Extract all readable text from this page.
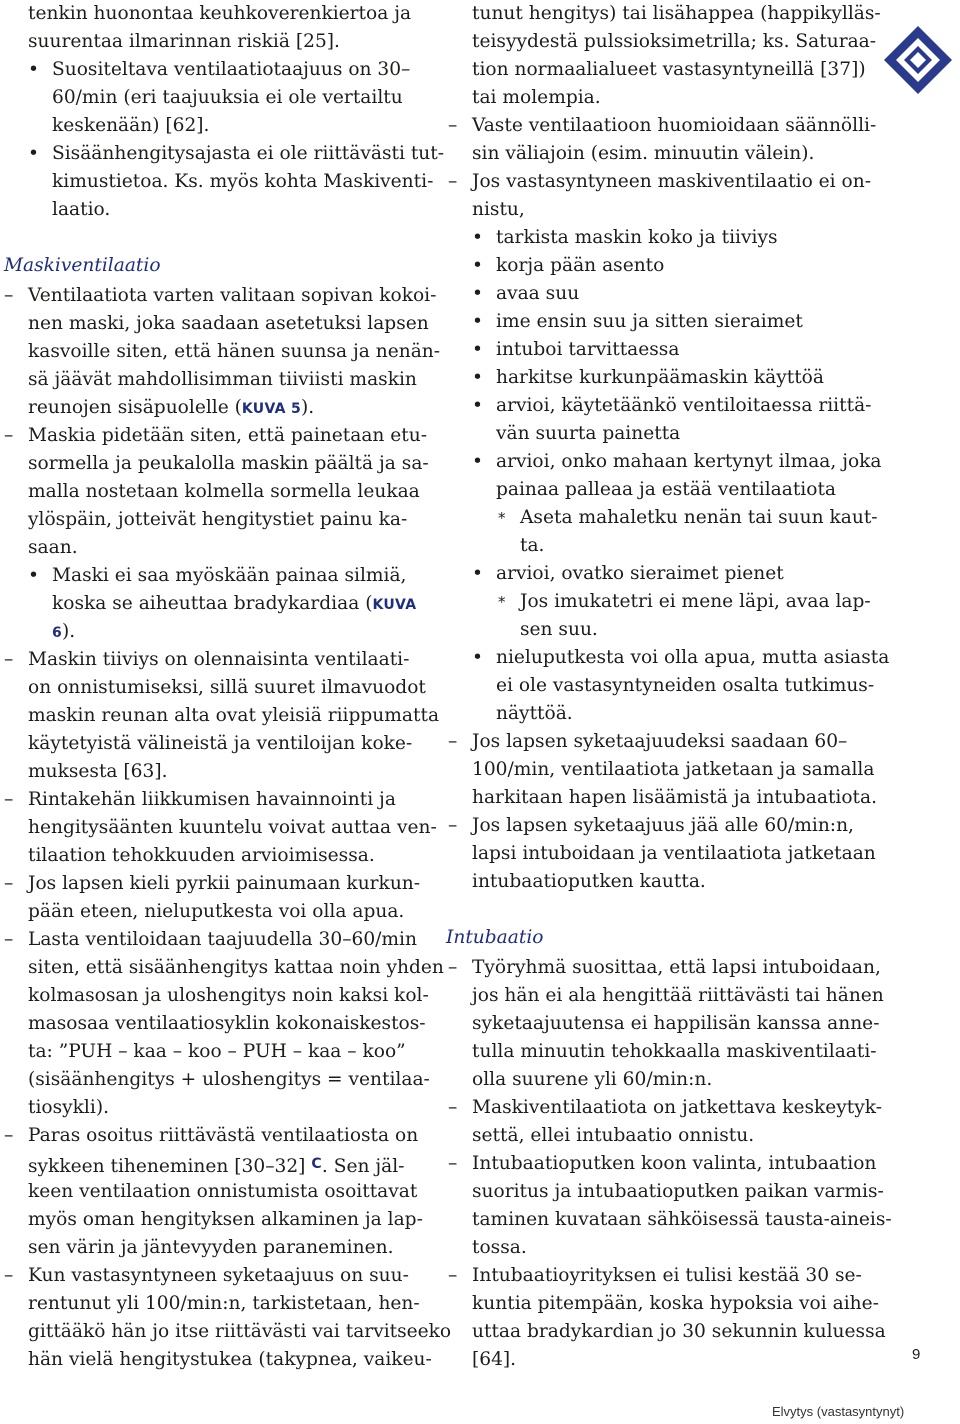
tenkin huonontaa keuhkoverenkiertoa ja
suurentaa ilmarinnan riskiä [25].
• Suositeltava ventilaatiotaajuus on 30–
60/min (eri taajuuksia ei ole vertailtu
keskenään) [62].
• Sisäänhengitysajasta ei ole riittävästi tut-
kimustietoa. Ks. myös kohta Maskiventi-
laatio.
Maskiventilaatio
– Ventilaatiota varten valitaan sopivan kokoi-
nen maski, joka saadaan asetetuksi lapsen
kasvoille siten, että hänen suunsa ja nenän-
sä jäävät mahdollisimman tiiviisti maskin
reunojen sisäpuolelle (KUVA 5).
– Maskia pidetään siten, että painetaan etu-
sormella ja peukalolla maskin päältä ja sa-
malla nostetaan kolmella sormella leukaa
ylöspäin, jotteivät hengitystiet painu ka-
saan.
• Maski ei saa myöskään painaa silmiä,
koska se aiheuttaa bradykardiaa (KUVA
6).
– Maskin tiiviys on olennaisinta ventilaati-
on onnistumiseksi, sillä suuret ilmavuodot
maskin reunan alta ovat yleisiä riippumatta
käytetyistä välineistä ja ventiloijan koke-
muksesta [63].
– Rintakehän liikkumisen havainnointi ja
hengitysäänten kuuntelu voivat auttaa ven-
tilaation tehokkuuden arvioimisessa.
– Jos lapsen kieli pyrkii painumaan kurkun-
pään eteen, nieluputkesta voi olla apua.
– Lasta ventiloidaan taajuudella 30–60/min
siten, että sisäänhengitys kattaa noin yhden
kolmasosan ja uloshengitys noin kaksi kol-
masosaa ventilaatiosyklin kokonaiskestos-
ta: ”PUH – kaa – koo – PUH – kaa – koo”
(sisäänhengitys + uloshengitys = ventilaa-
tiosykli).
– Paras osoitus riittävästä ventilaatiosta on
sykkeen tiheneminen [30–32] $^C$. Sen jäl-
keen ventilaation onnistumista osoittavat
myös oman hengityksen alkaminen ja lap-
sen värin ja jäntevyyden paraneminen.
– Kun vastasyntyneen syketaajuus on suu-
rentunut yli 100/min:n, tarkistetaan, hen-
gittääkö hän jo itse riittävästi vai tarvitseeko
hän vielä hengitystukea (takypnea, vaikeu-
tunut hengitys) tai lisähappea (happikylläs-
teisyydestä pulssioksimetrilla; ks. Saturaa-
tion normaalialueet vastasyntyneillä [37])
tai molempia.
– Vaste ventilaatioon huomioidaan säännölli-
sin väliajoin (esim. minuutin välein).
– Jos vastasyntyneen maskiventilaatio ei on-
nistu,
• tarkista maskin koko ja tiiviys
• korja pään asento
• avaa suu
• ime ensin suu ja sitten sieraimet
• intuboi tarvittaessa
• harkitse kurkunpäämaskin käyttöä
• arvioi, käytetäänkö ventiloitaessa riittä-
vän suurta painetta
• arvioi, onko mahaan kertynyt ilmaa, joka
painaa palleaa ja estää ventilaatiota
* Aseta mahaletku nenän tai suun kaut-
ta.
• arvioi, ovatko sieraimet pienet
* Jos imukatetri ei mene läpi, avaa lap-
sen suu.
• nieluputkesta voi olla apua, mutta asiasta
ei ole vastasyntyneiden osalta tutkimus-
näyttöä.
– Jos lapsen syketaajuudeksi saadaan 60–
100/min, ventilaatiota jatketaan ja samalla
harkitaan hapen lisäämistä ja intubaatiota.
– Jos lapsen syketaajuus jää alle 60/min:n,
lapsi intuboidaan ja ventilaatiota jatketaan
intubaatioputken kautta.
Intubaatio
– Työryhmä suosittaa, että lapsi intuboidaan,
jos hän ei ala hengittää riittävästi tai hänen
syketaajuutensa ei happilisän kanssa anne-
tulla minuutin tehokkaalla maskiventilaati-
olla suurene yli 60/min:n.
– Maskiventilaatiota on jatkettava keskeytyk-
settä, ellei intubaatio onnistu.
– Intubaatioputken koon valinta, intubaation
suoritus ja intubaatioputken paikan varmis-
taminen kuvataan sähköisessä tausta-aineis-
tossa.
– Intubaatioyrityksen ei tulisi kestää 30 se-
kuntia pitempään, koska hypoksia voi aihe-
uttaa bradykardian jo 30 sekunnin kuluessa
[64].	9
Elvytys (vastasyntynyt)
